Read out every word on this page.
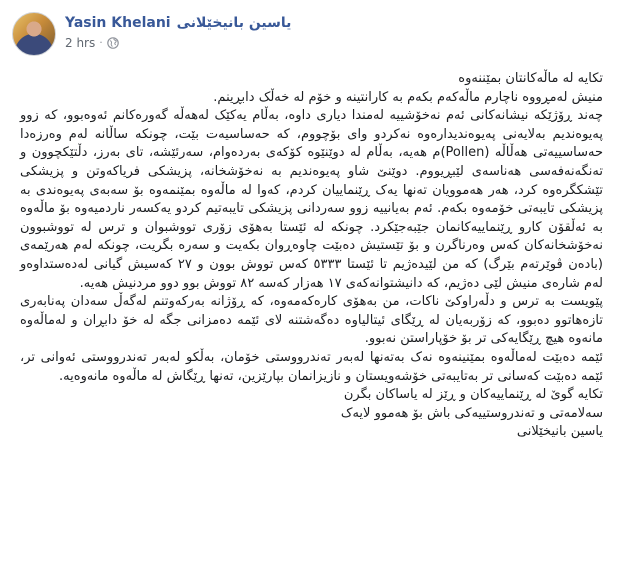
Yasin Khelani یاسین بانیخێلانی
2 hrs ·

تکایە لە ماڵەکانتان بمێننەوە

منیش لەمڕووە ناچارم ماڵەکەم بکەم بە کارانتینە و خۆم لە خەڵک دابڕینم.

چەند ڕۆژێکە نیشانەکانی ئەم نەخۆشییە لەمندا دیاری داوە، بەڵام یەکێک لەهەڵە گەورەکانم ئەوەبوو، کە زوو پەیوەندیم بەلایەنی پەیوەندیدارەوە نەکردو وای بۆچووم، کە حەساسیەت بێت، چونکە ساڵانە لەم وەرزەدا حەساسییەتی هەڵاڵە (Pollen)م هەیە، بەڵام لە دوێنێوە کۆکەی بەردەوام، سەرئێشە، تای بەرز، دڵتێکچوون و تەنگەنەفەسی هەناسەی لێبڕیووم. دوێنێ شاو پەیوەندیم بە نەخۆشخانە، پزیشکی فریاکەوتن و پزیشکی تێشکگرەوە کرد، هەر هەموویان تەنها یەک ڕێنماییان کردم، کەوا لە ماڵەوە بمێنمەوە بۆ سەبەی پەیوەندی بە پزیشکی تایبەتی خۆمەوە بکەم. ئەم بەیانییە زوو سەردانی پزیشکی تایبەتیم کردو یەکسەر ناردمیەوە بۆ ماڵەوە بە ئەڵقۆن کارو ڕێنماییەکانمان جێبەجێکرد. چونکە لە ئێستا بەهۆی زۆری تووشبوان و ترس لە تووشبوون نەخۆشخانەکان کەس وەرناگرن و بۆ تێستیش دەبێت چاوەڕوان بکەیت و سەرە بگریت، چونکە لەم هەرێمەی (بادەن ڤوێرتەم بێرگ) کە من لێیدەژیم تا ئێستا ٥٣٣٣ کەس تووش بوون و ٢٧ کەسیش گیانی لەدەستداوەو لەم شارەی منیش لێی دەژیم، کە دانیشتوانەکەی ١٧ هەزار کەسە ٨٢ تووش بوو دوو مردنیش هەیە.

پێویست بە ترس و دڵەراوکێ ناکات، من بەهۆی کارەکەمەوە، کە ڕۆژانە بەرکەوتنم لەگەڵ سەدان پەنابەری تازەهاتوو دەبوو، کە زۆربەیان لە ڕێگای ئیتالیاوە دەگەشتنە لای ئێمە دەمزانی جگە لە خۆ دابڕان و لەماڵەوە مانەوە هیچ ڕێگایەکی تر بۆ خۆپاراستن نەبوو.

ئێمە دەبێت لەماڵەوە بمێنینەوە نەک بەتەنها لەبەر تەندرووستی خۆمان، بەڵکو لەبەر تەندرووستی ئەوانی تر، ئێمە دەبێت کەسانی تر بەتایبەتی خۆشەویستان و نازیزانمان بپارێزین، تەنها ڕێگاش لە ماڵەوە مانەوەیە.

تکایە گوێ لە ڕێنماییەکان و ڕێز لە یاساکان بگرن

سەلامەتی و تەندروستییەکی باش بۆ هەموو لایەک

یاسین بانیخێلانی
